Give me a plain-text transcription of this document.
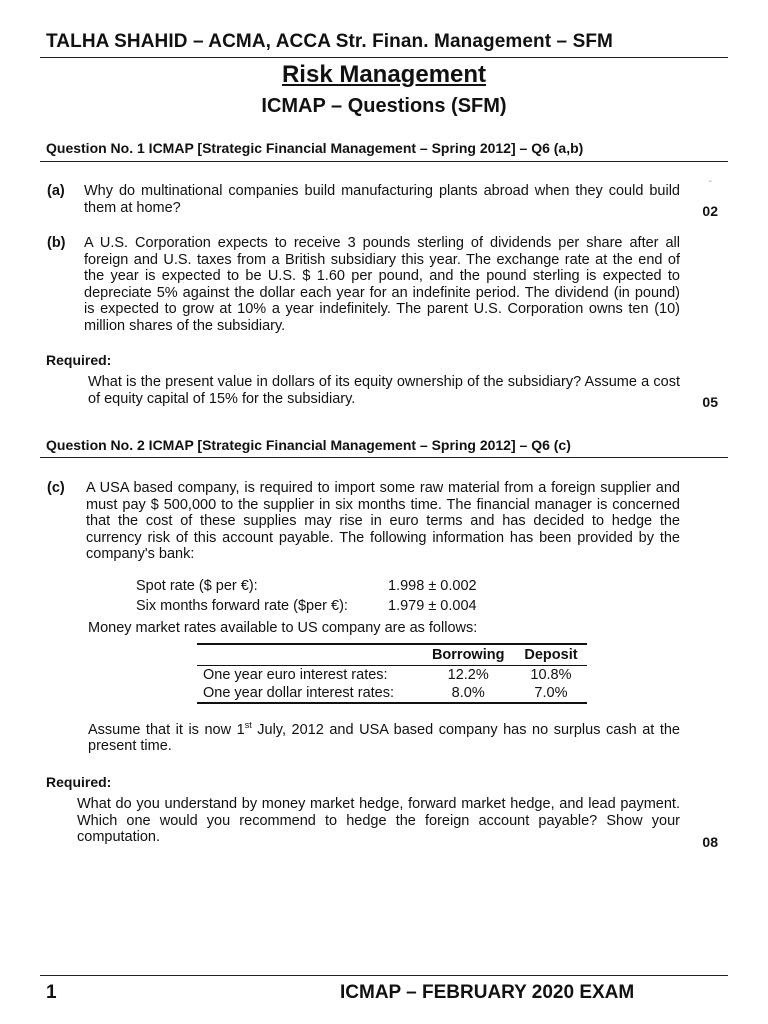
TALHA SHAHID – ACMA, ACCA Str. Finan. Management – SFM
Risk Management
ICMAP – Questions (SFM)
Question No. 1 ICMAP [Strategic Financial Management – Spring 2012] – Q6 (a,b)
-
(a) Why do multinational companies build manufacturing plants abroad when they could build them at home?	02
(b) A U.S. Corporation expects to receive 3 pounds sterling of dividends per share after all foreign and U.S. taxes from a British subsidiary this year. The exchange rate at the end of the year is expected to be U.S. $ 1.60 per pound, and the pound sterling is expected to depreciate 5% against the dollar each year for an indefinite period. The dividend (in pound) is expected to grow at 10% a year indefinitely. The parent U.S. Corporation owns ten (10) million shares of the subsidiary.
Required:
What is the present value in dollars of its equity ownership of the subsidiary? Assume a cost of equity capital of 15% for the subsidiary.	05
Question No. 2 ICMAP [Strategic Financial Management – Spring 2012] – Q6 (c)
(c) A USA based company, is required to import some raw material from a foreign supplier and must pay $ 500,000 to the supplier in six months time. The financial manager is concerned that the cost of these supplies may rise in euro terms and has decided to hedge the currency risk of this account payable. The following information has been provided by the company's bank:
Spot rate ($ per €):	1.998 ± 0.002
Six months forward rate ($per €):	1.979 ± 0.004
Money market rates available to US company are as follows:
	Borrowing	Deposit
One year euro interest rates:	12.2%	10.8%
One year dollar interest rates:	8.0%	7.0%
Assume that it is now 1st July, 2012 and USA based company has no surplus cash at the present time.
Required:
What do you understand by money market hedge, forward market hedge, and lead payment. Which one would you recommend to hedge the foreign account payable? Show your computation.	08
1	ICMAP – FEBRUARY 2020 EXAM
